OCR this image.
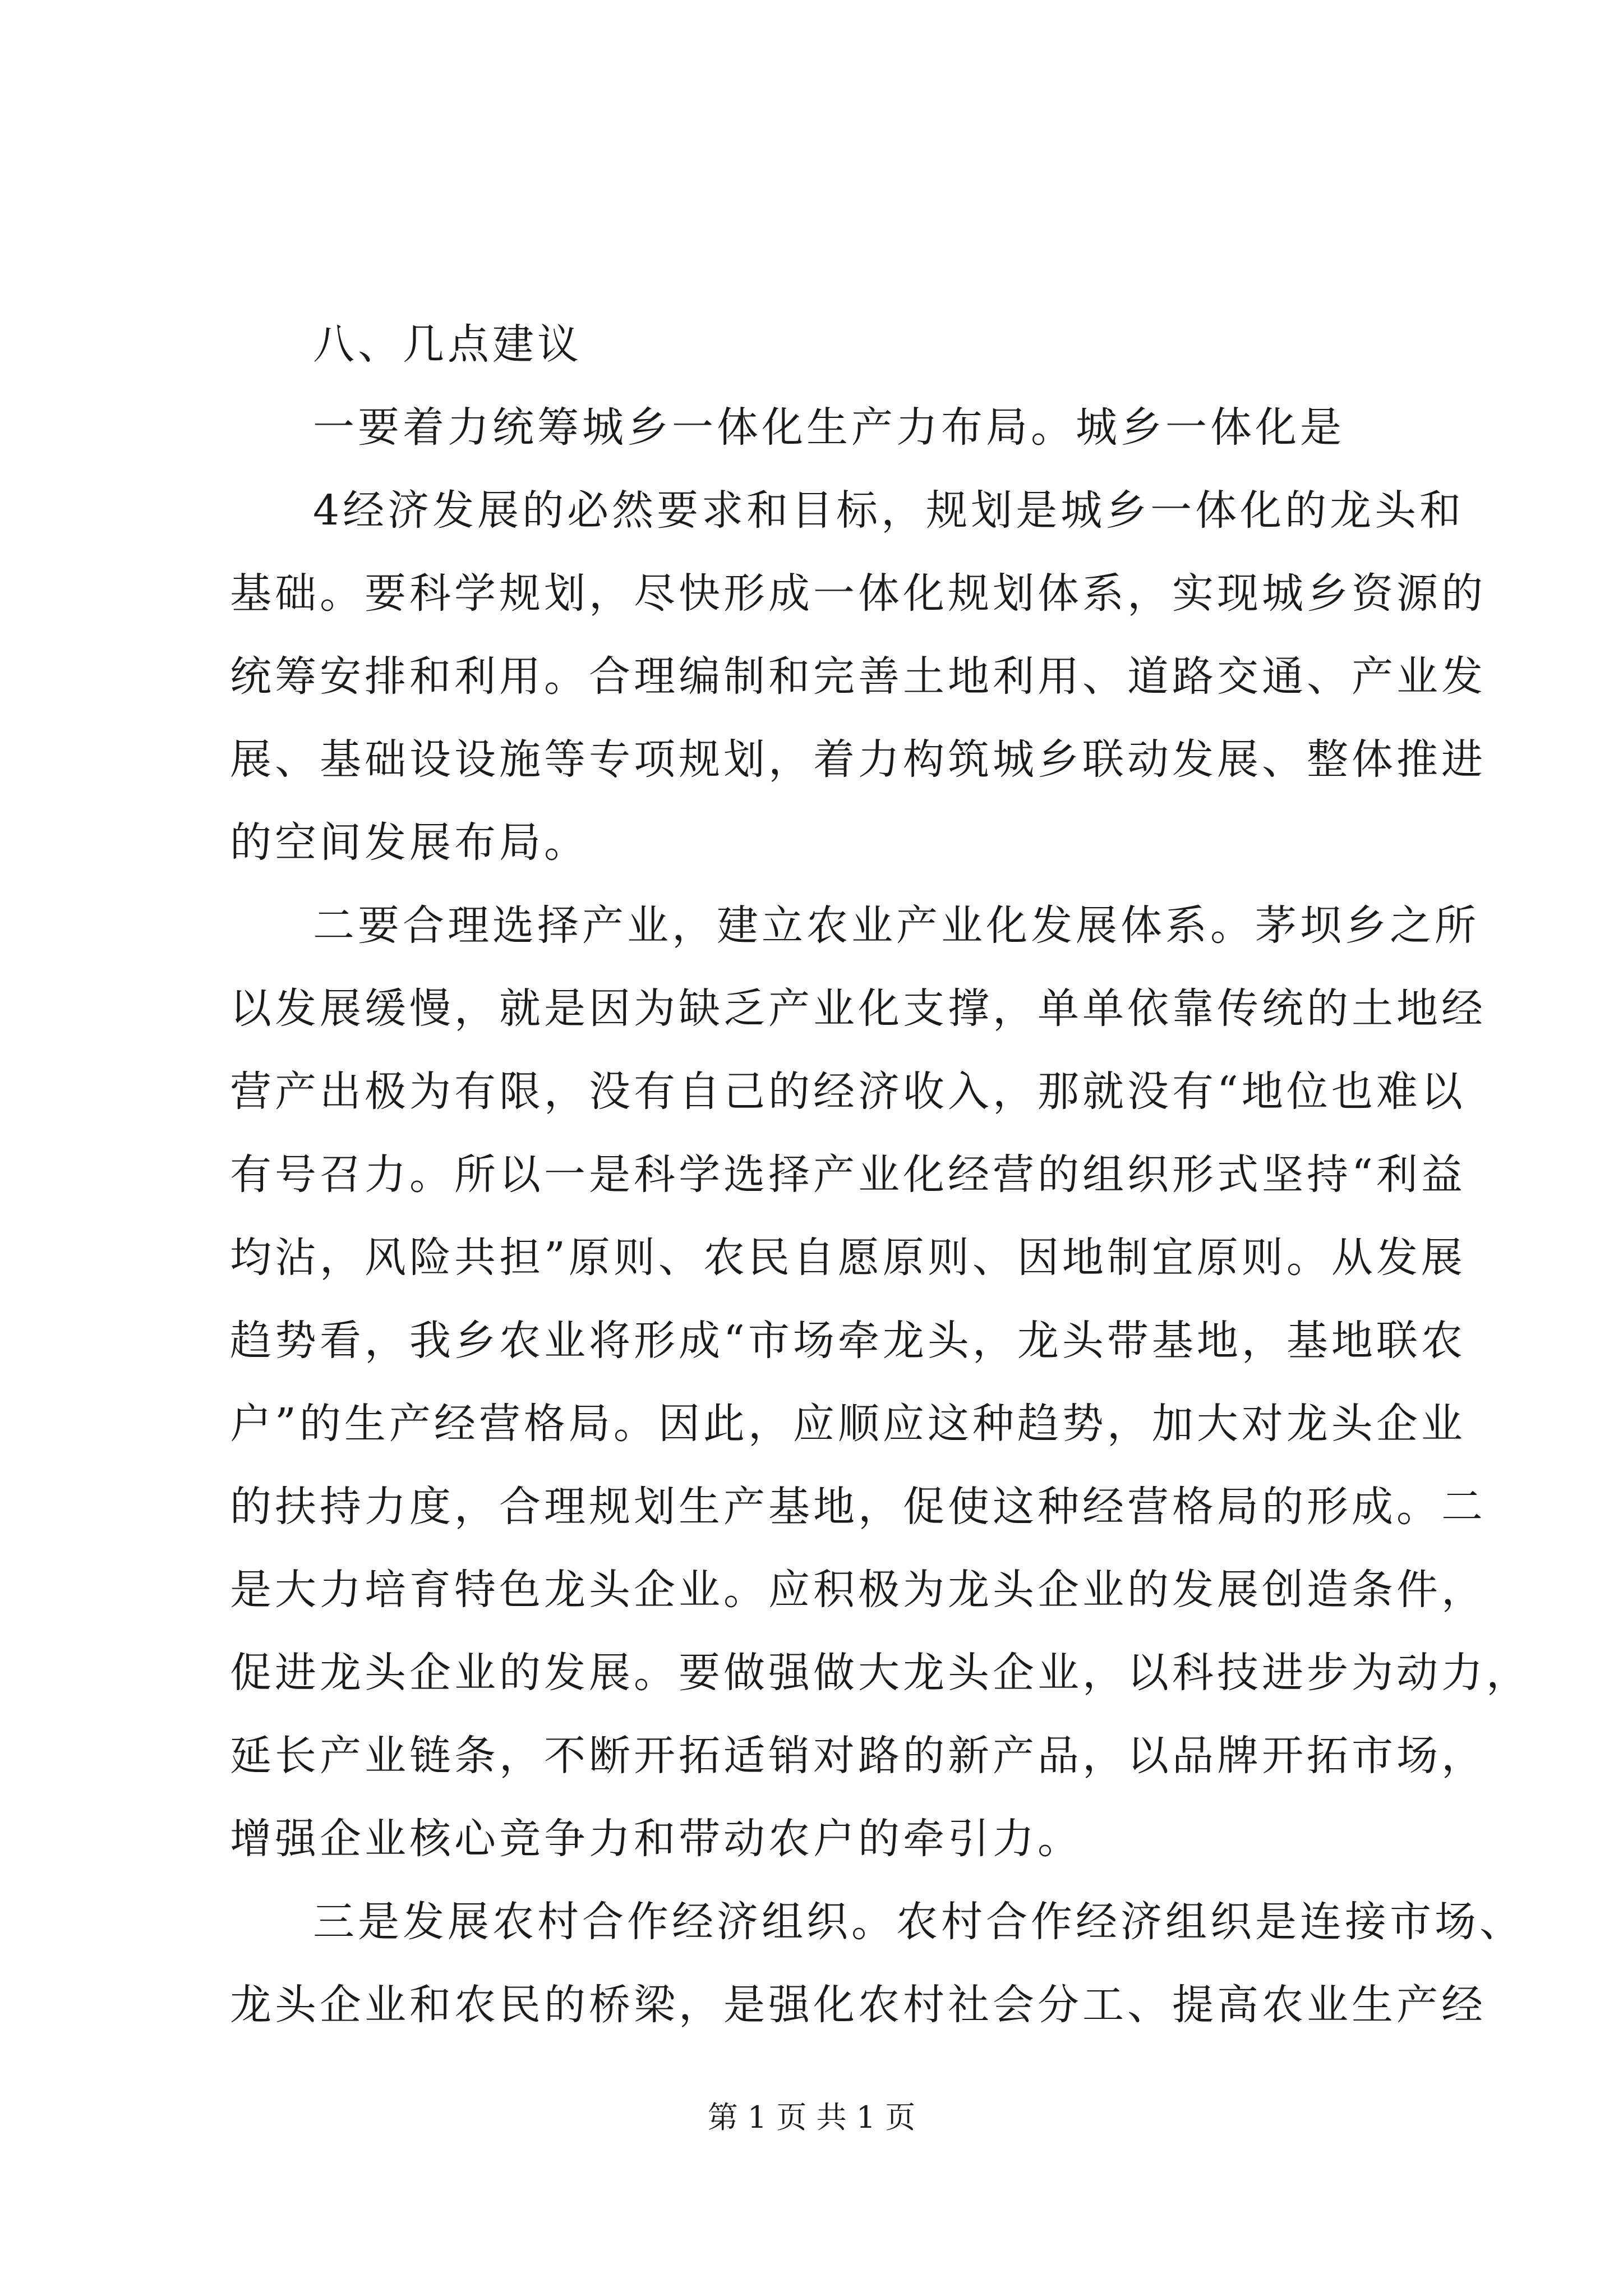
八、几点建议
一要着力统筹城乡一体化生产力布局。城乡一体化是
4经济发展的必然要求和目标，规划是城乡一体化的龙头和
基础。要科学规划，尽快形成一体化规划体系，实现城乡资源的
统筹安排和利用。合理编制和完善土地利用、道路交通、产业发
展、基础设设施等专项规划，着力构筑城乡联动发展、整体推进
的空间发展布局。
二要合理选择产业，建立农业产业化发展体系。茅坝乡之所
以发展缓慢，就是因为缺乏产业化支撑，单单依靠传统的土地经
营产出极为有限，没有自己的经济收入，那就没有“地位也难以
有号召力。所以一是科学选择产业化经营的组织形式坚持“利益
均沾，风险共担”原则、农民自愿原则、因地制宜原则。从发展
趋势看，我乡农业将形成“市场牵龙头，龙头带基地，基地联农
户”的生产经营格局。因此，应顺应这种趋势，加大对龙头企业
的扶持力度，合理规划生产基地，促使这种经营格局的形成。二
是大力培育特色龙头企业。应积极为龙头企业的发展创造条件，
促进龙头企业的发展。要做强做大龙头企业，以科技进步为动力，
延长产业链条，不断开拓适销对路的新产品，以品牌开拓市场，
增强企业核心竞争力和带动农户的牵引力。
三是发展农村合作经济组织。农村合作经济组织是连接市场、
龙头企业和农民的桥梁，是强化农村社会分工、提高农业生产经
第 1 页 共 1 页
